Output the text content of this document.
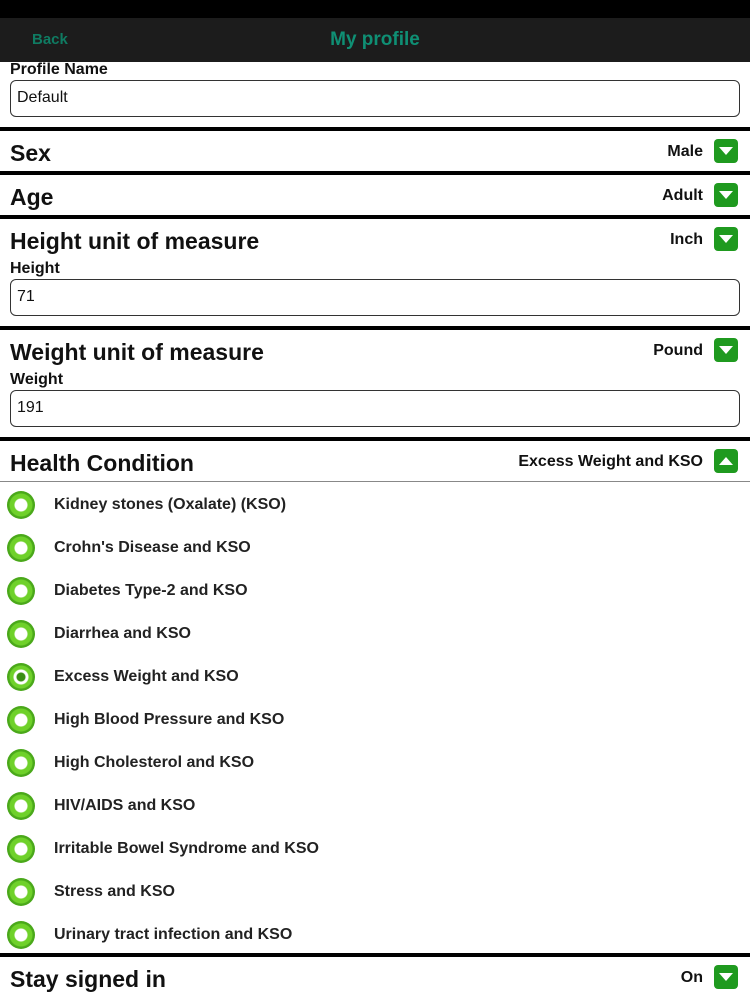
Back	My profile
Profile Name
Default
Sex	Male
Age	Adult
Height unit of measure	Inch
Height
71
Weight unit of measure	Pound
Weight
191
Health Condition	Excess Weight and KSO
Kidney stones (Oxalate) (KSO)
Crohn's Disease and KSO
Diabetes Type-2 and KSO
Diarrhea and KSO
Excess Weight and KSO
High Blood Pressure and KSO
High Cholesterol and KSO
HIV/AIDS and KSO
Irritable Bowel Syndrome and KSO
Stress and KSO
Urinary tract infection and KSO
Stay signed in	On
